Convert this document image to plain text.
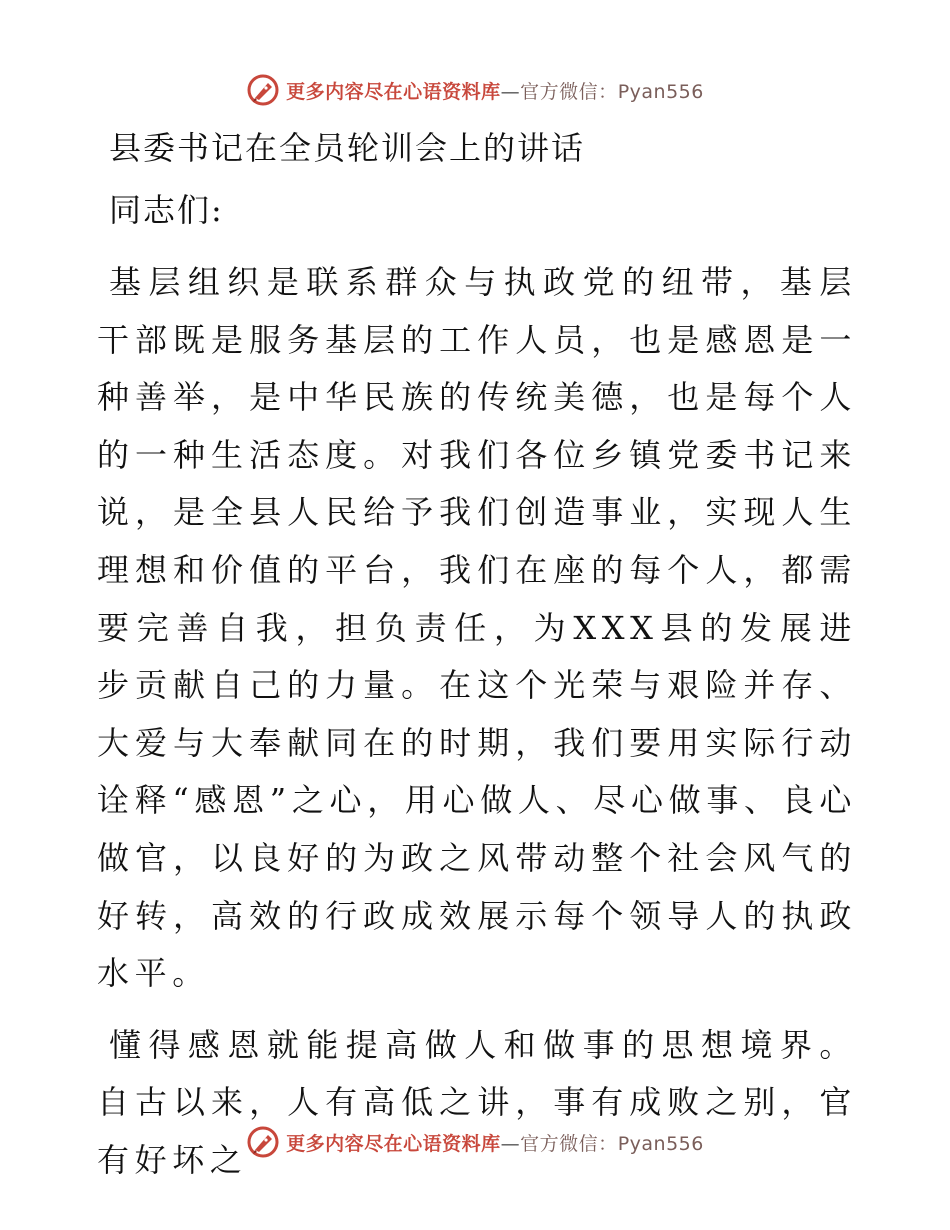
更多内容尽在心语资料库—官方微信：Pyan556
县委书记在全员轮训会上的讲话

同志们:

基层组织是联系群众与执政党的纽带，基层干部既是服务基层的工作人员，也是感恩是一种善举，是中华民族的传统美德，也是每个人的一种生活态度。对我们各位乡镇党委书记来说，是全县人民给予我们创造事业，实现人生理想和价值的平台，我们在座的每个人，都需要完善自我，担负责任，为XXX县的发展进步贡献自己的力量。在这个光荣与艰险并存、大爱与大奉献同在的时期，我们要用实际行动诠释“感恩”之心，用心做人、尽心做事、良心做官，以良好的为政之风带动整个社会风气的好转，高效的行政成效展示每个领导人的执政水平。

懂得感恩就能提高做人和做事的思想境界。自古以来，人有高低之讲，事有成败之别，官有好坏之	更多内容尽在心语资料库—官方微信：Pyan556
